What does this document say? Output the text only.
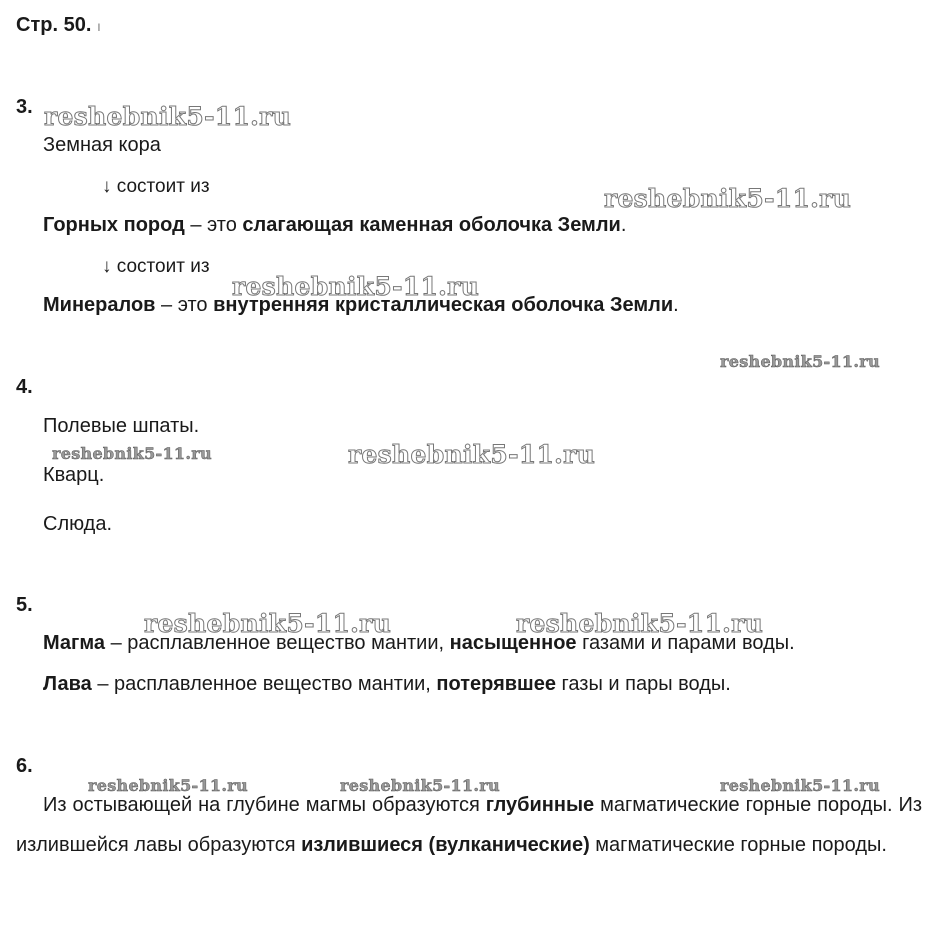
Стр. 50. ı
3.
Земная кора
↓ состоит из
Горных пород – это слагающая каменная оболочка Земли.
↓ состоит из
Минералов – это внутренняя кристаллическая оболочка Земли.
4.
Полевые шпаты.
Кварц.
Слюда.
5.
Магма – расплавленное вещество мантии, насыщенное газами и парами воды.
Лава – расплавленное вещество мантии, потерявшее газы и пары воды.
6.
Из остывающей на глубине магмы образуются глубинные магматические горные породы. Из излившейся лавы образуются излившиеся (вулканические) магматические горные породы.
reshebnik5-11.ru
reshebnik5-11.ru
reshebnik5-11.ru
reshebnik5-11.ru
reshebnik5-11.ru	reshebnik5-11.ru
reshebnik5-11.ru	reshebnik5-11.ru
reshebnik5-11.ru	reshebnik5-11.ru	reshebnik5-11.ru
